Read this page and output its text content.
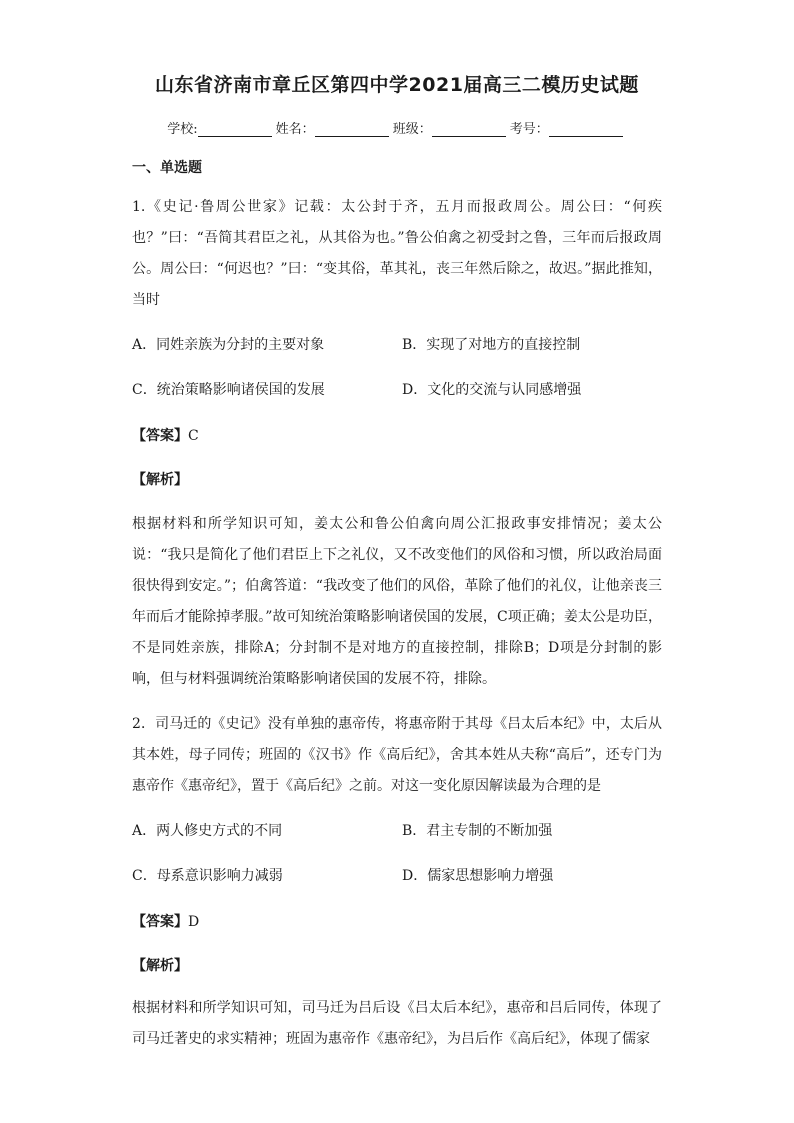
山东省济南市章丘区第四中学2021届高三二模历史试题
学校:	姓名：	班级：	考号：
一、单选题

1.《史记·鲁周公世家》记载：太公封于齐，五月而报政周公。周公曰：“何疾也？”曰：“吾简其君臣之礼，从其俗为也。”鲁公伯禽之初受封之鲁，三年而后报政周公。周公曰：“何迟也？”曰：“变其俗，革其礼，丧三年然后除之，故迟。”据此推知，当时

A．同姓亲族为分封的主要对象	B．实现了对地方的直接控制
C．统治策略影响诸侯国的发展	D．文化的交流与认同感增强
【答案】C
【解析】

根据材料和所学知识可知，姜太公和鲁公伯禽向周公汇报政事安排情况；姜太公说：“我只是简化了他们君臣上下之礼仪，又不改变他们的风俗和习惯，所以政治局面很快得到安定。”；伯禽答道：“我改变了他们的风俗，革除了他们的礼仪，让他亲丧三年而后才能除掉孝服。”故可知统治策略影响诸侯国的发展，C项正确；姜太公是功臣，不是同姓亲族，排除A；分封制不是对地方的直接控制，排除B；D项是分封制的影响，但与材料强调统治策略影响诸侯国的发展不符，排除。

2．司马迁的《史记》没有单独的惠帝传，将惠帝附于其母《吕太后本纪》中，太后从其本姓，母子同传；班固的《汉书》作《高后纪》，舍其本姓从夫称“高后”，还专门为惠帝作《惠帝纪》，置于《高后纪》之前。对这一变化原因解读最为合理的是

A．两人修史方式的不同	B．君主专制的不断加强
C．母系意识影响力减弱	D．儒家思想影响力增强
【答案】D
【解析】

根据材料和所学知识可知，司马迁为吕后设《吕太后本纪》，惠帝和吕后同传，体现了司马迁著史的求实精神；班固为惠帝作《惠帝纪》，为吕后作《高后纪》，体现了儒家
